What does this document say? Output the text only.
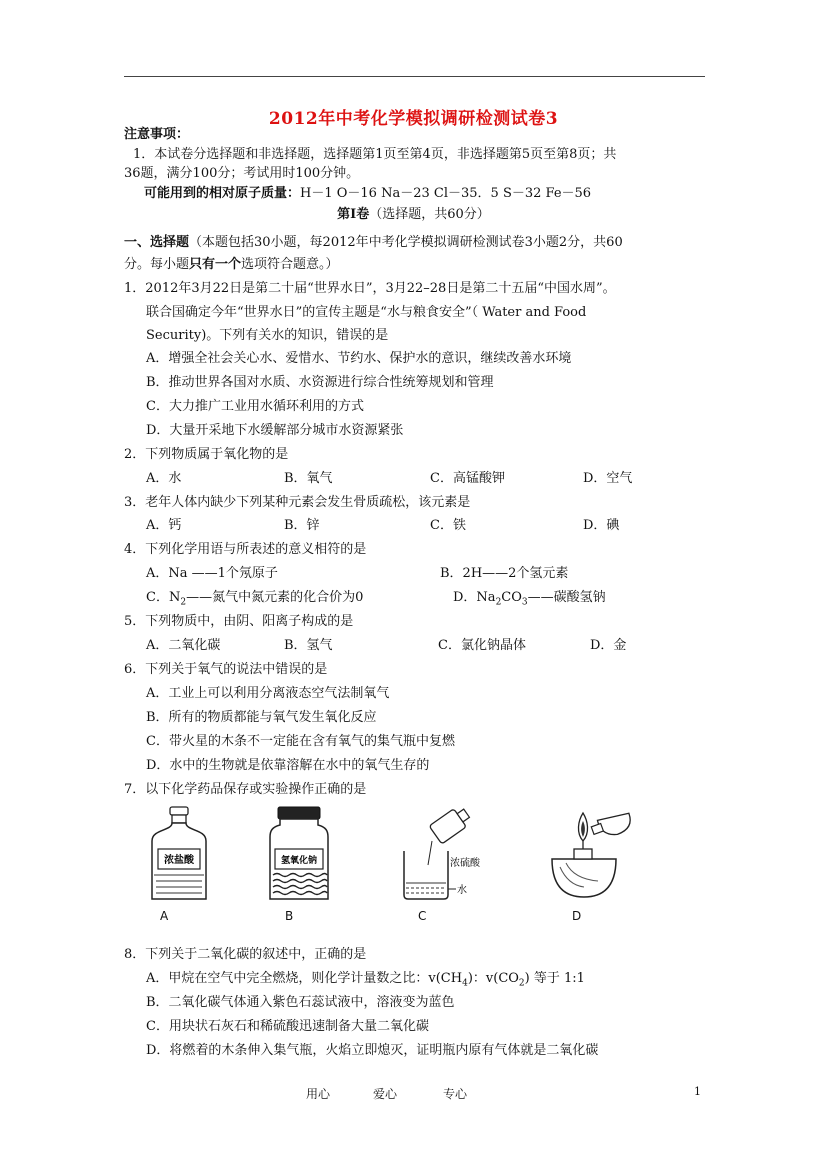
2012年中考化学模拟调研检测试卷3
注意事项：
1．本试卷分选择题和非选择题，选择题第1页至第4页，非选择题第5页至第8页；共
36题，满分100分；考试用时100分钟。
可能用到的相对原子质量：H－1 O－16 Na－23 Cl－35．5 S－32 Fe－56
第Ⅰ卷（选择题，共60分）
一、选择题（本题包括30小题，每2012年中考化学模拟调研检测试卷3小题2分，共60
分。每小题只有一个选项符合题意。）
1．2012年3月22日是第二十届“世界水日”，3月22–28日是第二十五届“中国水周”。
联合国确定今年“世界水日”的宣传主题是“水与粮食安全”（ Water and Food
Security)。下列有关水的知识，错误的是
A．增强全社会关心水、爱惜水、节约水、保护水的意识，继续改善水环境
B．推动世界各国对水质、水资源进行综合性统筹规划和管理
C．大力推广工业用水循环利用的方式
D．大量开采地下水缓解部分城市水资源紧张
2．下列物质属于氧化物的是
A．水	B．氧气	C．高锰酸钾	D．空气
3．老年人体内缺少下列某种元素会发生骨质疏松，该元素是
A．钙	B．锌	C．铁	D．碘
4．下列化学用语与所表述的意义相符的是
A．Na ——1个氖原子	B．2H——2个氢元素
C．$N_2——$氮气中氮元素的化合价为0	D．$Na_2CO_3——$碳酸氢钠
5．下列物质中，由阴、阳离子构成的是
A．二氧化碳	B．氢气	C．氯化钠晶体	D．金
6．下列关于氧气的说法中错误的是
A．工业上可以利用分离液态空气法制氧气
B．所有的物质都能与氧气发生氧化反应
C．带火星的木条不一定能在含有氧气的集气瓶中复燃
D．水中的生物就是依靠溶解在水中的氧气生存的
7．以下化学药品保存或实验操作正确的是
浓盐酸
A
氢氧化钠
B
浓硫酸
水
C	D
8．下列关于二氧化碳的叙述中，正确的是
A．甲烷在空气中完全燃烧，则化学计量数之比：$v(CH_4)$：$v(CO_2)$ 等于 1:1
B．二氧化碳气体通入紫色石蕊试液中，溶液变为蓝色
C．用块状石灰石和稀硫酸迅速制备大量二氧化碳
D．将燃着的木条伸入集气瓶，火焰立即熄灭，证明瓶内原有气体就是二氧化碳
用心	爱心	专心	1
